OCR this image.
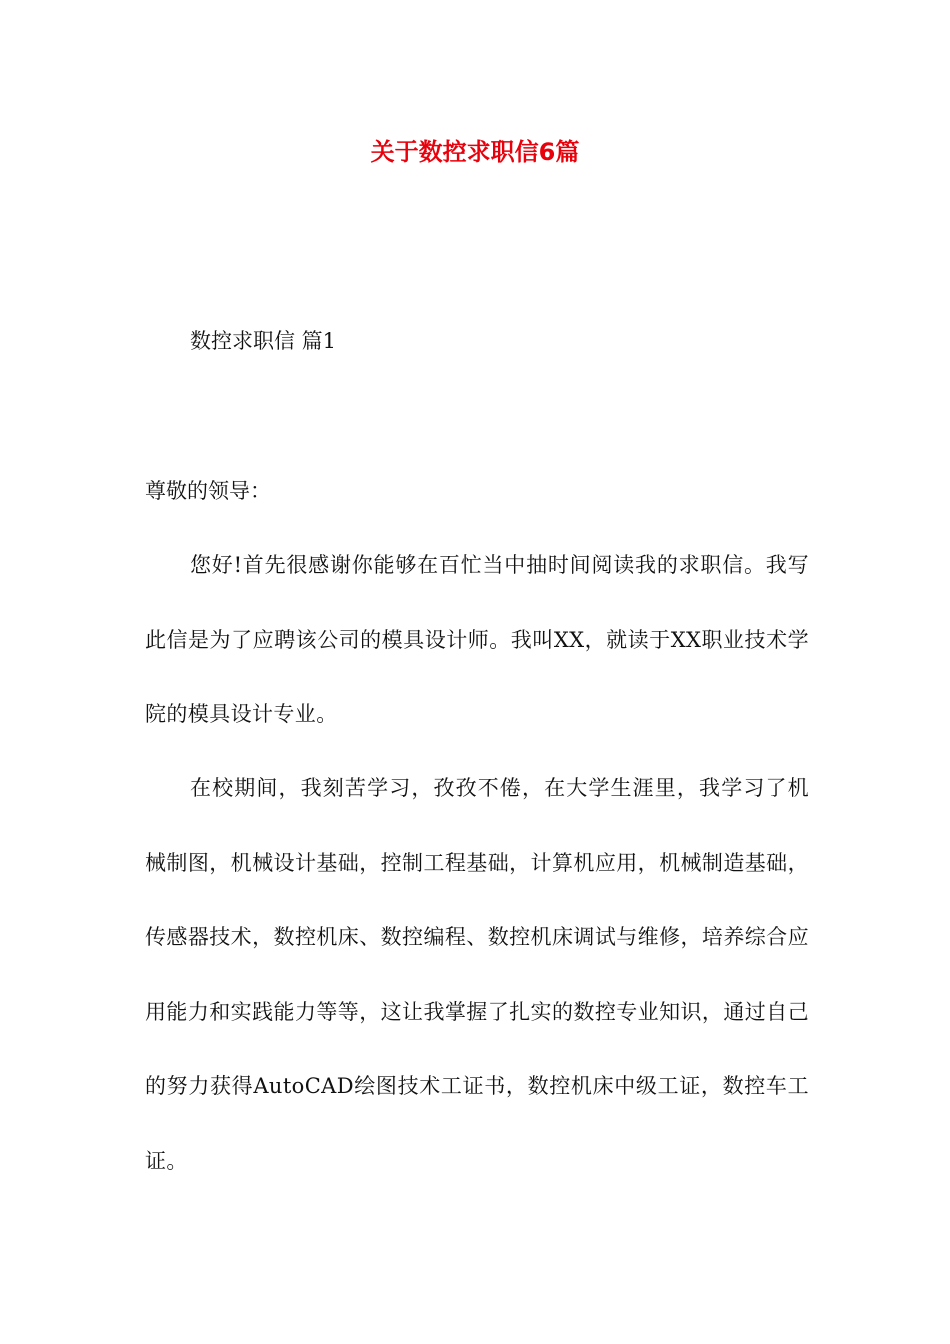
关于数控求职信6篇

数控求职信 篇1

尊敬的领导：

您好!首先很感谢你能够在百忙当中抽时间阅读我的求职信。我写此信是为了应聘该公司的模具设计师。我叫XX，就读于XX职业技术学院的模具设计专业。

在校期间，我刻苦学习，孜孜不倦，在大学生涯里，我学习了机械制图，机械设计基础，控制工程基础，计算机应用，机械制造基础，传感器技术，数控机床、数控编程、数控机床调试与维修，培养综合应用能力和实践能力等等，这让我掌握了扎实的数控专业知识，通过自己的努力获得AutoCAD绘图技术工证书，数控机床中级工证，数控车工证。
